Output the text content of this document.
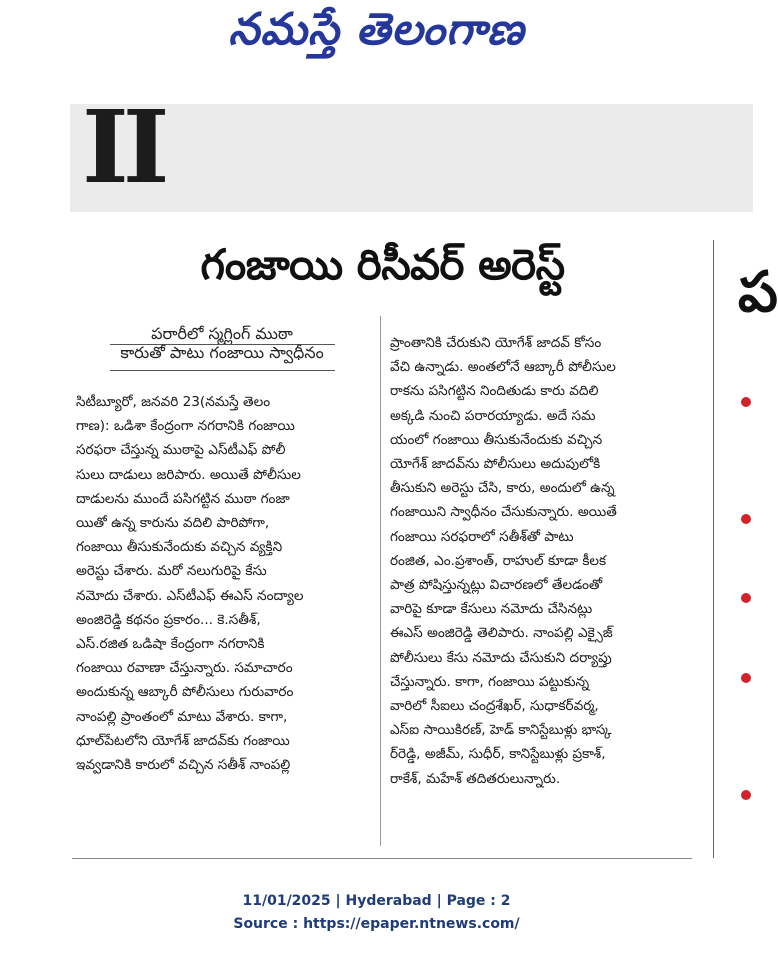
నమస్తే తెలంగాణ
II
గంజాయి రిసీవర్ అరెస్ట్
పరారీలో స్మగ్లింగ్ ముఠా
కారుతో పాటు గంజాయి స్వాధీనం
సిటీబ్యూరో, జనవరి 23(నమస్తే తెలం
గాణ): ఒడిశా కేంద్రంగా నగరానికి గంజాయి
సరఫరా చేస్తున్న ముఠాపై ఎస్‌టీఎఫ్ పోలీ
సులు దాడులు జరిపారు. అయితే పోలీసుల
దాడులను ముందే పసిగట్టిన ముఠా గంజా
యితో ఉన్న కారును వదిలి పారిపోగా,
గంజాయి తీసుకునేందుకు వచ్చిన వ్యక్తిని
అరెస్టు చేశారు. మరో నలుగురిపై కేసు
నమోదు చేశారు. ఎస్‌టీఎఫ్ ఈఎస్ నంద్యాల
అంజిరెడ్డి కథనం ప్రకారం... కె.సతీశ్,
ఎస్.రజిత ఒడిషా కేంద్రంగా నగరానికి
గంజాయి రవాణా చేస్తున్నారు. సమాచారం
అందుకున్న ఆబ్కారీ పోలీసులు గురువారం
నాంపల్లి ప్రాంతంలో మాటు వేశారు. కాగా,
ధూల్‌పేటలోని యోగేశ్ జాదవ్‌కు గంజాయి
ఇవ్వడానికి కారులో వచ్చిన సతీశ్ నాంపల్లి
ప్రాంతానికి చేరుకుని యోగేశ్ జాదవ్ కోసం
వేచి ఉన్నాడు. అంతలోనే ఆబ్కారీ పోలీసుల
రాకను పసిగట్టిన నిందితుడు కారు వదిలి
అక్కడి నుంచి పరారయ్యాడు. అదే సమ
యంలో గంజాయి తీసుకునేందుకు వచ్చిన
యోగేశ్ జాదవ్‌ను పోలీసులు అదుపులోకి
తీసుకుని అరెస్టు చేసి, కారు, అందులో ఉన్న
గంజాయిని స్వాధీనం చేసుకున్నారు. అయితే
గంజాయి సరఫరాలో సతీశ్‌తో పాటు
రంజిత, ఎం.ప్రశాంత్, రాహుల్ కూడా కీలక
పాత్ర పోషిస్తున్నట్లు విచారణలో తేలడంతో
వారిపై కూడా కేసులు నమోదు చేసినట్లు
ఈఎస్ అంజిరెడ్డి తెలిపారు. నాంపల్లి ఎక్సైజ్
పోలీసులు కేసు నమోదు చేసుకుని దర్యాప్తు
చేస్తున్నారు. కాగా, గంజాయి పట్టుకున్న
వారిలో సీఐలు చంద్రశేఖర్, సుధాకర్‌వర్మ,
ఎస్ఐ సాయికిరణ్, హెడ్ కానిస్టేబుళ్లు భాస్క
ర్‌రెడ్డి, అజీమ్, సుధీర్, కానిస్టేబుళ్లు ప్రకాశ్,
రాకేశ్, మహేశ్ తదితరులున్నారు.
ప
11/01/2025 | Hyderabad | Page : 2
Source : https://epaper.ntnews.com/
